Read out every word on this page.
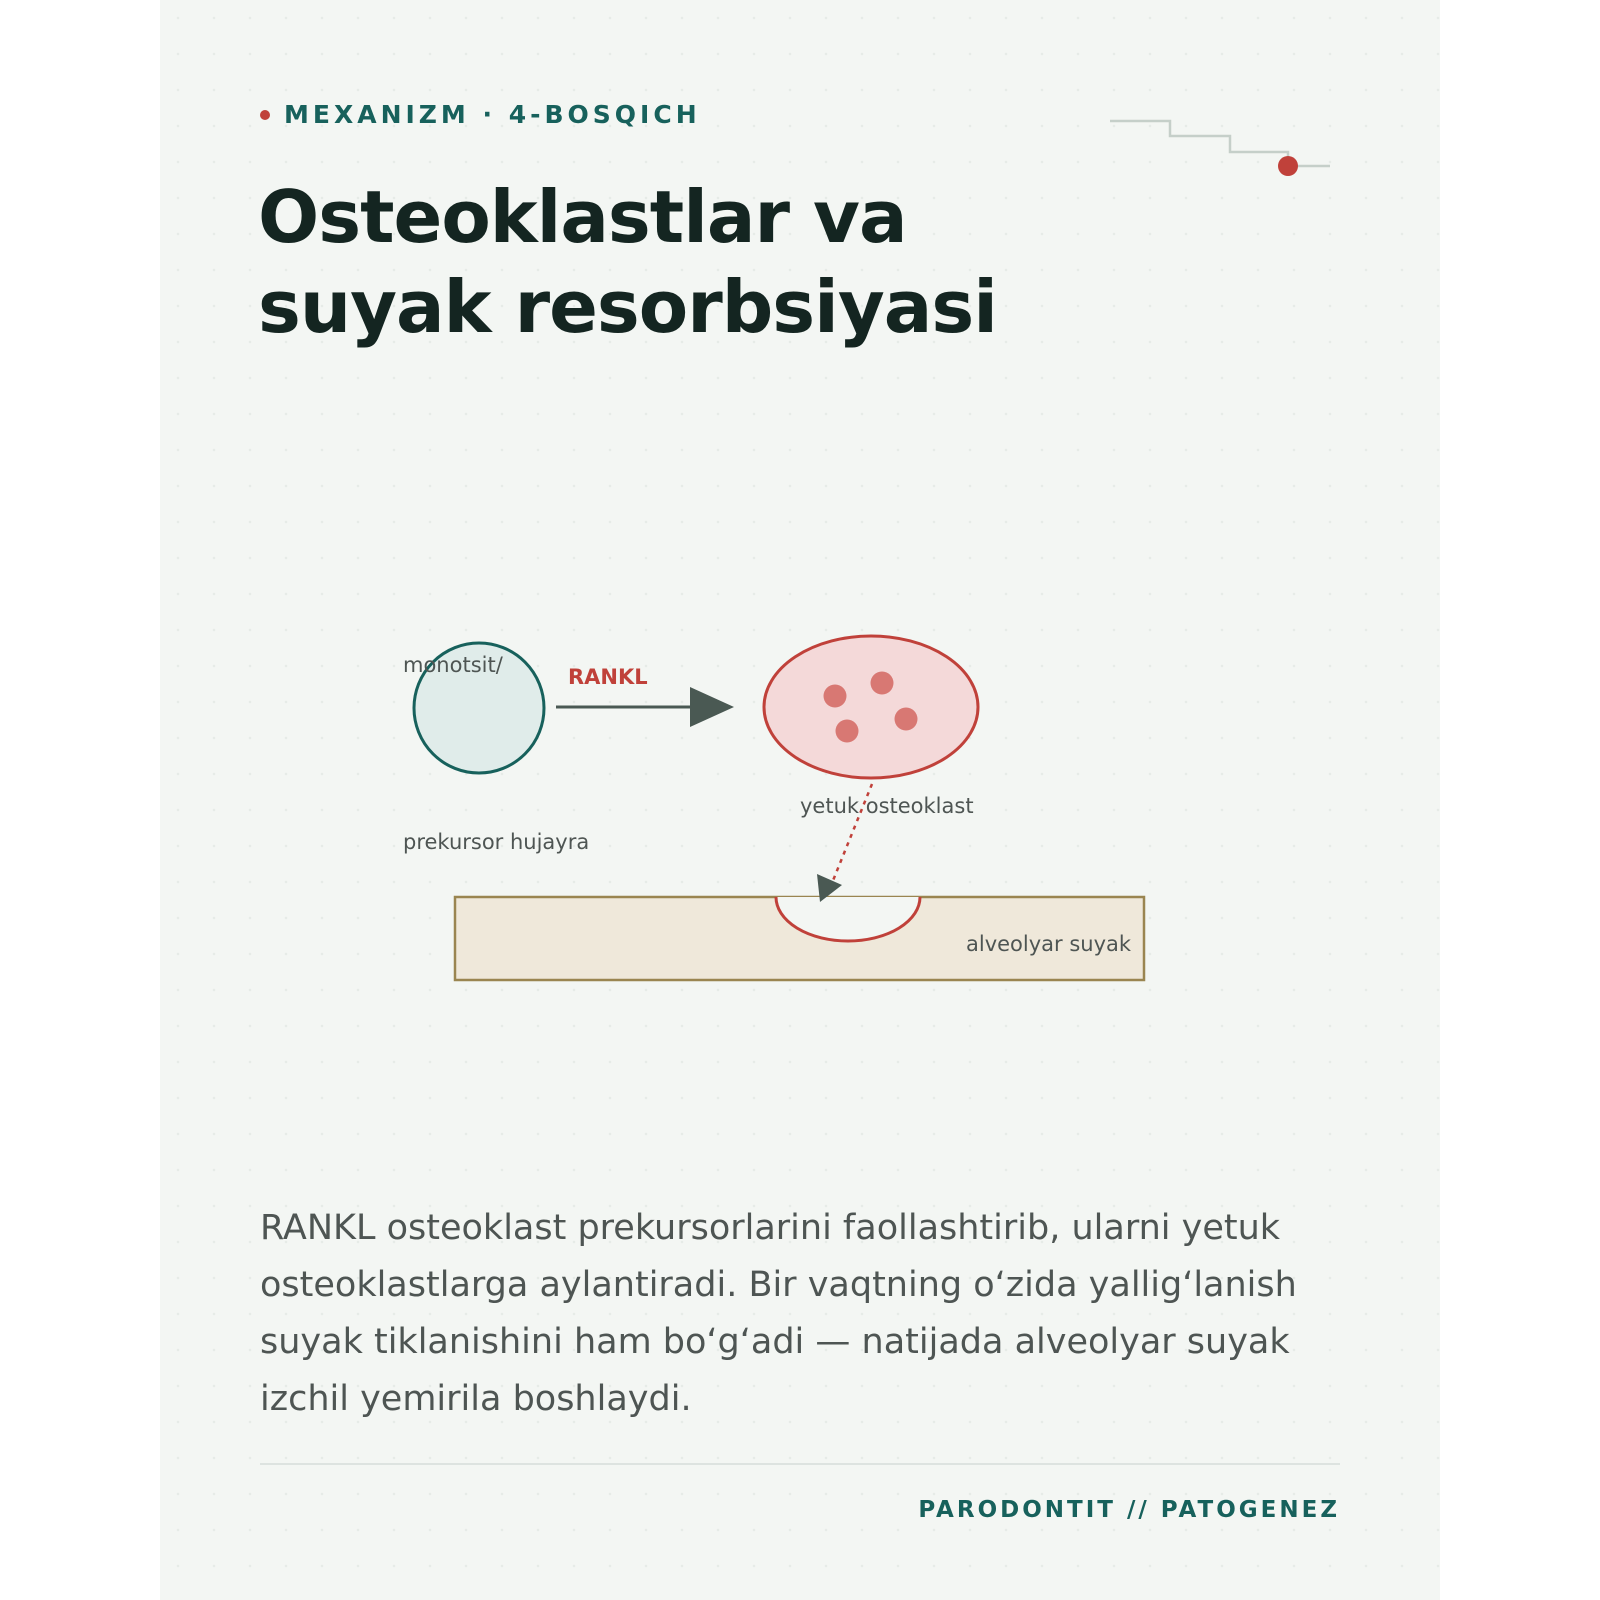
MEXANIZM · 4-BOSQICH
Osteoklastlar va suyak resorbsiyasi
monotsit/
prekursor hujayra
RANKL
yetuk osteoklast
alveolyar suyak

RANKL osteoklast prekursorlarini faollashtirib, ularni yetuk osteoklastlarga aylantiradi. Bir vaqtning o‘zida yallig‘lanish suyak tiklanishini ham bo‘g‘adi — natijada alveolyar suyak izchil yemirila boshlaydi.

PARODONTIT // PATOGENEZ
